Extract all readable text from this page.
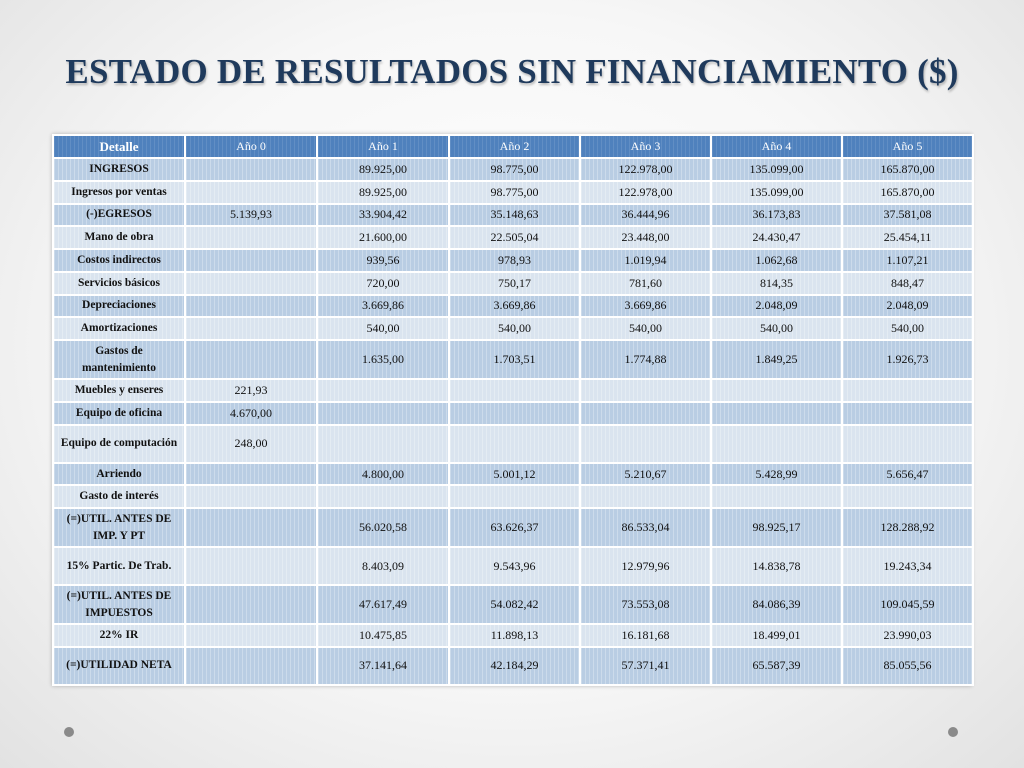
ESTADO DE RESULTADOS SIN FINANCIAMIENTO ($)
Detalle	Año 0	Año 1	Año 2	Año 3	Año 4	Año 5
INGRESOS		89.925,00	98.775,00	122.978,00	135.099,00	165.870,00
Ingresos por ventas		89.925,00	98.775,00	122.978,00	135.099,00	165.870,00
(-)EGRESOS	5.139,93	33.904,42	35.148,63	36.444,96	36.173,83	37.581,08
Mano de obra		21.600,00	22.505,04	23.448,00	24.430,47	25.454,11
Costos indirectos		939,56	978,93	1.019,94	1.062,68	1.107,21
Servicios básicos		720,00	750,17	781,60	814,35	848,47
Depreciaciones		3.669,86	3.669,86	3.669,86	2.048,09	2.048,09
Amortizaciones		540,00	540,00	540,00	540,00	540,00
Gastos de mantenimiento		1.635,00	1.703,51	1.774,88	1.849,25	1.926,73
Muebles y enseres	221,93					
Equipo de oficina	4.670,00					
Equipo de computación	248,00					
Arriendo		4.800,00	5.001,12	5.210,67	5.428,99	5.656,47
Gasto de interés						
(=)UTIL. ANTES DE IMP. Y PT		56.020,58	63.626,37	86.533,04	98.925,17	128.288,92
15% Partic. De Trab.		8.403,09	9.543,96	12.979,96	14.838,78	19.243,34
(=)UTIL. ANTES DE IMPUESTOS		47.617,49	54.082,42	73.553,08	84.086,39	109.045,59
22% IR		10.475,85	11.898,13	16.181,68	18.499,01	23.990,03
(=)UTILIDAD NETA		37.141,64	42.184,29	57.371,41	65.587,39	85.055,56
